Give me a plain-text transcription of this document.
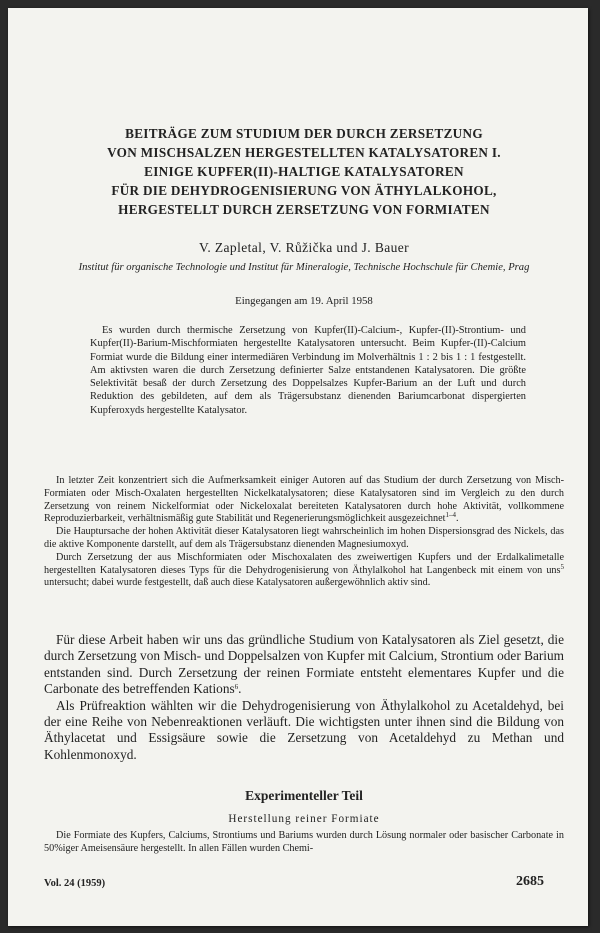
BEITRÄGE ZUM STUDIUM DER DURCH ZERSETZUNG
VON MISCHSALZEN HERGESTELLTEN KATALYSATOREN I.
EINIGE KUPFER(II)-HALTIGE KATALYSATOREN
FÜR DIE DEHYDROGENISIERUNG VON ÄTHYLALKOHOL,
HERGESTELLT DURCH ZERSETZUNG VON FORMIATEN
V. Zapletal, V. Růžička und J. Bauer
Institut für organische Technologie und Institut für Mineralogie, Technische Hochschule für Chemie, Prag
Eingegangen am 19. April 1958

Es wurden durch thermische Zersetzung von Kupfer(II)-Calcium-, Kupfer-(II)-Strontium- und Kupfer(II)-Barium-Mischformiaten hergestellte Katalysatoren untersucht. Beim Kupfer-(II)-Calcium Formiat wurde die Bildung einer intermediären Verbindung im Molverhältnis 1 : 2 bis 1 : 1 festgestellt. Am aktivsten waren die durch Zersetzung definierter Salze entstandenen Katalysatoren. Die größte Selektivität besaß der durch Zersetzung des Doppelsalzes Kupfer-Barium an der Luft und durch Reduktion des gebildeten, auf dem als Trägersubstanz dienenden Bariumcarbonat dispergierten Kupferoxyds hergestellte Katalysator.

In letzter Zeit konzentriert sich die Aufmerksamkeit einiger Autoren auf das Studium der durch Zersetzung von Misch-Formiaten oder Misch-Oxalaten hergestellten Nickelkatalysatoren; diese Katalysatoren sind im Vergleich zu den durch Zersetzung von reinem Nickelformiat oder Nickeloxalat bereiteten Katalysatoren durch hohe Aktivität, vollkommene Reproduzierbarkeit, verhältnismäßig gute Stabilität und Regenerierungsmöglichkeit ausgezeichnet$^{1-4}$.

Die Hauptursache der hohen Aktivität dieser Katalysatoren liegt wahrscheinlich im hohen Dispersionsgrad des Nickels, das die aktive Komponente darstellt, auf dem als Trägersubstanz dienenden Magnesiumoxyd.

Durch Zersetzung der aus Mischformiaten oder Mischoxalaten des zweiwertigen Kupfers und der Erdalkalimetalle hergestellten Katalysatoren dieses Typs für die Dehydrogenisierung von Äthylalkohol hat Langenbeck mit einem von uns$^5$ untersucht; dabei wurde festgestellt, daß auch diese Katalysatoren außergewöhnlich aktiv sind.

Für diese Arbeit haben wir uns das gründliche Studium von Katalysatoren als Ziel gesetzt, die durch Zersetzung von Misch- und Doppelsalzen von Kupfer mit Calcium, Strontium oder Barium entstanden sind. Durch Zersetzung der reinen Formiate entsteht elementares Kupfer und die Carbonate des betreffenden Kations$^6$.

Als Prüfreaktion wählten wir die Dehydrogenisierung von Äthylalkohol zu Acetaldehyd, bei der eine Reihe von Nebenreaktionen verläuft. Die wichtigsten unter ihnen sind die Bildung von Äthylacetat und Essigsäure sowie die Zersetzung von Acetaldehyd zu Methan und Kohlenmonoxyd.

Experimenteller Teil
Herstellung reiner Formiate

Die Formiate des Kupfers, Calciums, Strontiums und Bariums wurden durch Lösung normaler oder basischer Carbonate in 50%iger Ameisensäure hergestellt. In allen Fällen wurden Chemi-

Vol. 24 (1959)	2685
